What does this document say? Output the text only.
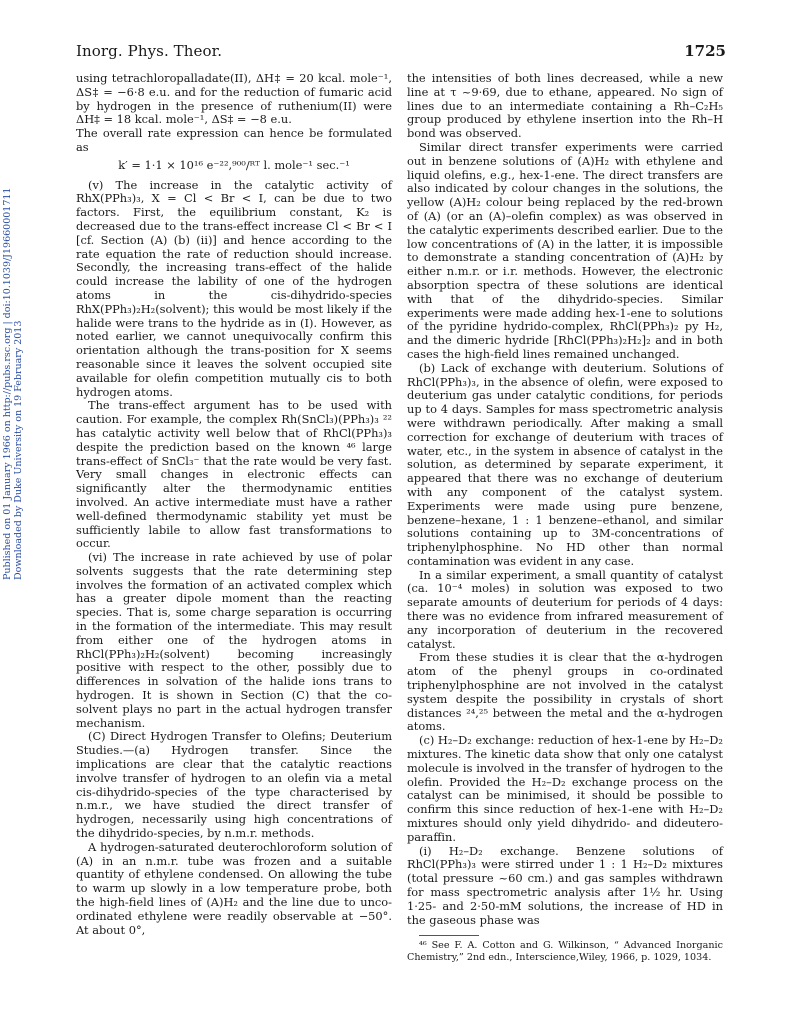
Published on 01 January 1966 on http://pubs.rsc.org | doi:10.1039/J19660001711 Downloaded by Duke University on 19 February 2013
Inorg. Phys. Theor.	1725

using tetrachloropalladate(II), ΔH‡ = 20 kcal. mole⁻¹, ΔS‡ = −6·8 e.u. and for the reduction of fumaric acid by hydrogen in the presence of ruthenium(II) were ΔH‡ = 18 kcal. mole⁻¹, ΔS‡ = −8 e.u.

The overall rate expression can hence be formulated as

k′ = 1·1 × 10¹⁶ e⁻²²,⁹⁰⁰/ᴿᵀ l. mole⁻¹ sec.⁻¹

(v) The increase in the catalytic activity of RhX(PPh₃)₃, X = Cl < Br < I, can be due to two factors. First, the equilibrium constant, K₂ is decreased due to the trans-effect increase Cl < Br < I [cf. Section (A) (b) (ii)] and hence according to the rate equation the rate of reduction should increase. Secondly, the increasing trans-effect of the halide could increase the lability of one of the hydrogen atoms in the cis-dihydrido-species RhX(PPh₃)₂H₂(solvent); this would be most likely if the halide were trans to the hydride as in (I). However, as noted earlier, we cannot unequivocally confirm this orientation although the trans-position for X seems reasonable since it leaves the solvent occupied site available for olefin competition mutually cis to both hydrogen atoms.

The trans-effect argument has to be used with caution. For example, the complex Rh(SnCl₃)(PPh₃)₃ ²² has catalytic activity well below that of RhCl(PPh₃)₃ despite the prediction based on the known ⁴⁶ large trans-effect of SnCl₃⁻ that the rate would be very fast. Very small changes in electronic effects can significantly alter the thermodynamic entities involved. An active intermediate must have a rather well-defined thermodynamic stability yet must be sufficiently labile to allow fast transformations to occur.

(vi) The increase in rate achieved by use of polar solvents suggests that the rate determining step involves the formation of an activated complex which has a greater dipole moment than the reacting species. That is, some charge separation is occurring in the formation of the intermediate. This may result from either one of the hydrogen atoms in RhCl(PPh₃)₂H₂(solvent) becoming increasingly positive with respect to the other, possibly due to differences in solvation of the halide ions trans to hydrogen. It is shown in Section (C) that the co-solvent plays no part in the actual hydrogen transfer mechanism.

(C) Direct Hydrogen Transfer to Olefins; Deuterium Studies.—(a) Hydrogen transfer. Since the implications are clear that the catalytic reactions involve transfer of hydrogen to an olefin via a metal cis-dihydrido-species of the type characterised by n.m.r., we have studied the direct transfer of hydrogen, necessarily using high concentrations of the dihydrido-species, by n.m.r. methods.

A hydrogen-saturated deuterochloroform solution of (A) in an n.m.r. tube was frozen and a suitable quantity of ethylene condensed. On allowing the tube to warm up slowly in a low temperature probe, both the high-field lines of (A)H₂ and the line due to unco-ordinated ethylene were readily observable at −50°. At about 0°,

the intensities of both lines decreased, while a new line at τ ~9·69, due to ethane, appeared. No sign of lines due to an intermediate containing a Rh–C₂H₅ group produced by ethylene insertion into the Rh–H bond was observed.

Similar direct transfer experiments were carried out in benzene solutions of (A)H₂ with ethylene and liquid olefins, e.g., hex-1-ene. The direct transfers are also indicated by colour changes in the solutions, the yellow (A)H₂ colour being replaced by the red-brown of (A) (or an (A)–olefin complex) as was observed in the catalytic experiments described earlier. Due to the low concentrations of (A) in the latter, it is impossible to demonstrate a standing concentration of (A)H₂ by either n.m.r. or i.r. methods. However, the electronic absorption spectra of these solutions are identical with that of the dihydrido-species. Similar experiments were made adding hex-1-ene to solutions of the pyridine hydrido-complex, RhCl(PPh₃)₂ py H₂, and the dimeric hydride [RhCl(PPh₃)₂H₂]₂ and in both cases the high-field lines remained unchanged.

(b) Lack of exchange with deuterium. Solutions of RhCl(PPh₃)₃, in the absence of olefin, were exposed to deuterium gas under catalytic conditions, for periods up to 4 days. Samples for mass spectrometric analysis were withdrawn periodically. After making a small correction for exchange of deuterium with traces of water, etc., in the system in absence of catalyst in the solution, as determined by separate experiment, it appeared that there was no exchange of deuterium with any component of the catalyst system. Experiments were made using pure benzene, benzene–hexane, 1 : 1 benzene–ethanol, and similar solutions containing up to 3M-concentrations of triphenylphosphine. No HD other than normal contamination was evident in any case.

In a similar experiment, a small quantity of catalyst (ca. 10⁻⁴ moles) in solution was exposed to two separate amounts of deuterium for periods of 4 days: there was no evidence from infrared measurement of any incorporation of deuterium in the recovered catalyst.

From these studies it is clear that the α-hydrogen atom of the phenyl groups in co-ordinated triphenylphosphine are not involved in the catalyst system despite the possibility in crystals of short distances ²⁴,²⁵ between the metal and the α-hydrogen atoms.

(c) H₂–D₂ exchange: reduction of hex-1-ene by H₂–D₂ mixtures. The kinetic data show that only one catalyst molecule is involved in the transfer of hydrogen to the olefin. Provided the H₂–D₂ exchange process on the catalyst can be minimised, it should be possible to confirm this since reduction of hex-1-ene with H₂–D₂ mixtures should only yield dihydrido- and dideutero-paraffin.

(i) H₂–D₂ exchange. Benzene solutions of RhCl(PPh₃)₃ were stirred under 1 : 1 H₂–D₂ mixtures (total pressure ~60 cm.) and gas samples withdrawn for mass spectrometric analysis after 1½ hr. Using 1·25- and 2·50-mM solutions, the increase of HD in the gaseous phase was

⁴⁶ See F. A. Cotton and G. Wilkinson, “ Advanced Inorganic Chemistry,” 2nd edn., Interscience,Wiley, 1966, p. 1029, 1034.
